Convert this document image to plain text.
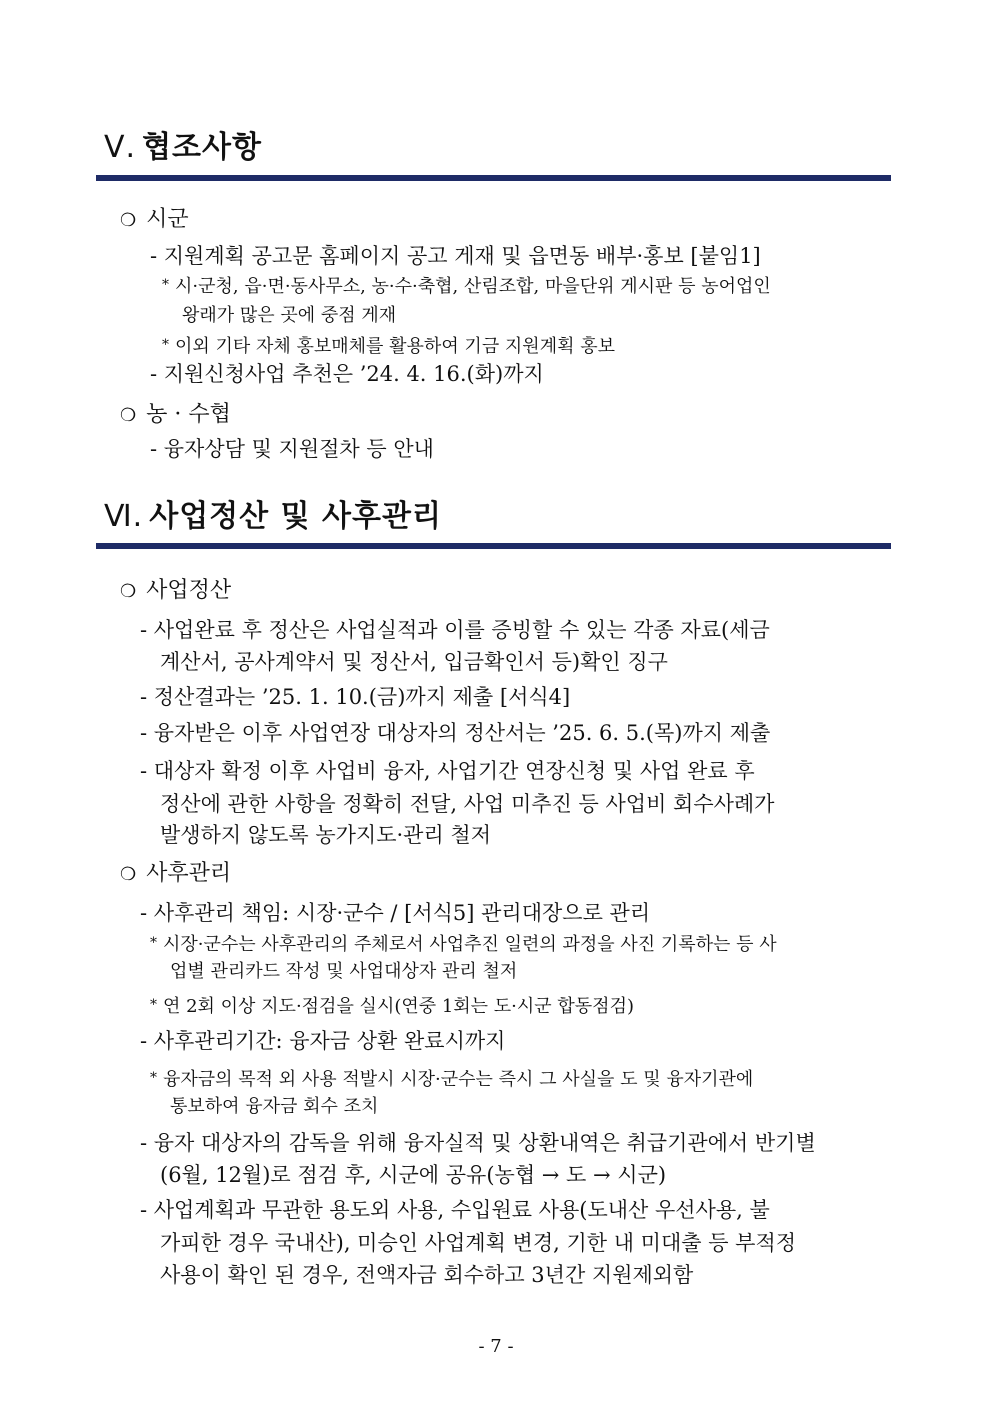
Ⅴ. 협조사항
❍ 시군
- 지원계획 공고문 홈페이지 공고 게재 및 읍면동 배부·홍보 [붙임1]
* 시·군청, 읍·면·동사무소, 농·수·축협, 산림조합, 마을단위 게시판 등 농어업인
왕래가 많은 곳에 중점 게재
* 이외 기타 자체 홍보매체를 활용하여 기금 지원계획 홍보
- 지원신청사업 추천은 ’24. 4. 16.(화)까지
❍ 농 · 수협
- 융자상담 및 지원절차 등 안내
Ⅵ. 사업정산 및 사후관리
❍ 사업정산
- 사업완료 후 정산은 사업실적과 이를 증빙할 수 있는 각종 자료(세금
계산서, 공사계약서 및 정산서, 입금확인서 등)확인 징구
- 정산결과는 ’25. 1. 10.(금)까지 제출 [서식4]
- 융자받은 이후 사업연장 대상자의 정산서는 ’25. 6. 5.(목)까지 제출
- 대상자 확정 이후 사업비 융자, 사업기간 연장신청 및 사업 완료 후
정산에 관한 사항을 정확히 전달, 사업 미추진 등 사업비 회수사례가
발생하지 않도록 농가지도·관리 철저
❍ 사후관리
- 사후관리 책임: 시장·군수 / [서식5] 관리대장으로 관리
* 시장·군수는 사후관리의 주체로서 사업추진 일련의 과정을 사진 기록하는 등 사
업별 관리카드 작성 및 사업대상자 관리 철저
* 연 2회 이상 지도·점검을 실시(연중 1회는 도·시군 합동점검)
- 사후관리기간: 융자금 상환 완료시까지
* 융자금의 목적 외 사용 적발시 시장·군수는 즉시 그 사실을 도 및 융자기관에
통보하여 융자금 회수 조치
- 융자 대상자의 감독을 위해 융자실적 및 상환내역은 취급기관에서 반기별
(6월, 12월)로 점검 후, 시군에 공유(농협 → 도 → 시군)
- 사업계획과 무관한 용도외 사용, 수입원료 사용(도내산 우선사용, 불
가피한 경우 국내산), 미승인 사업계획 변경, 기한 내 미대출 등 부적정
사용이 확인 된 경우, 전액자금 회수하고 3년간 지원제외함
- 7 -
